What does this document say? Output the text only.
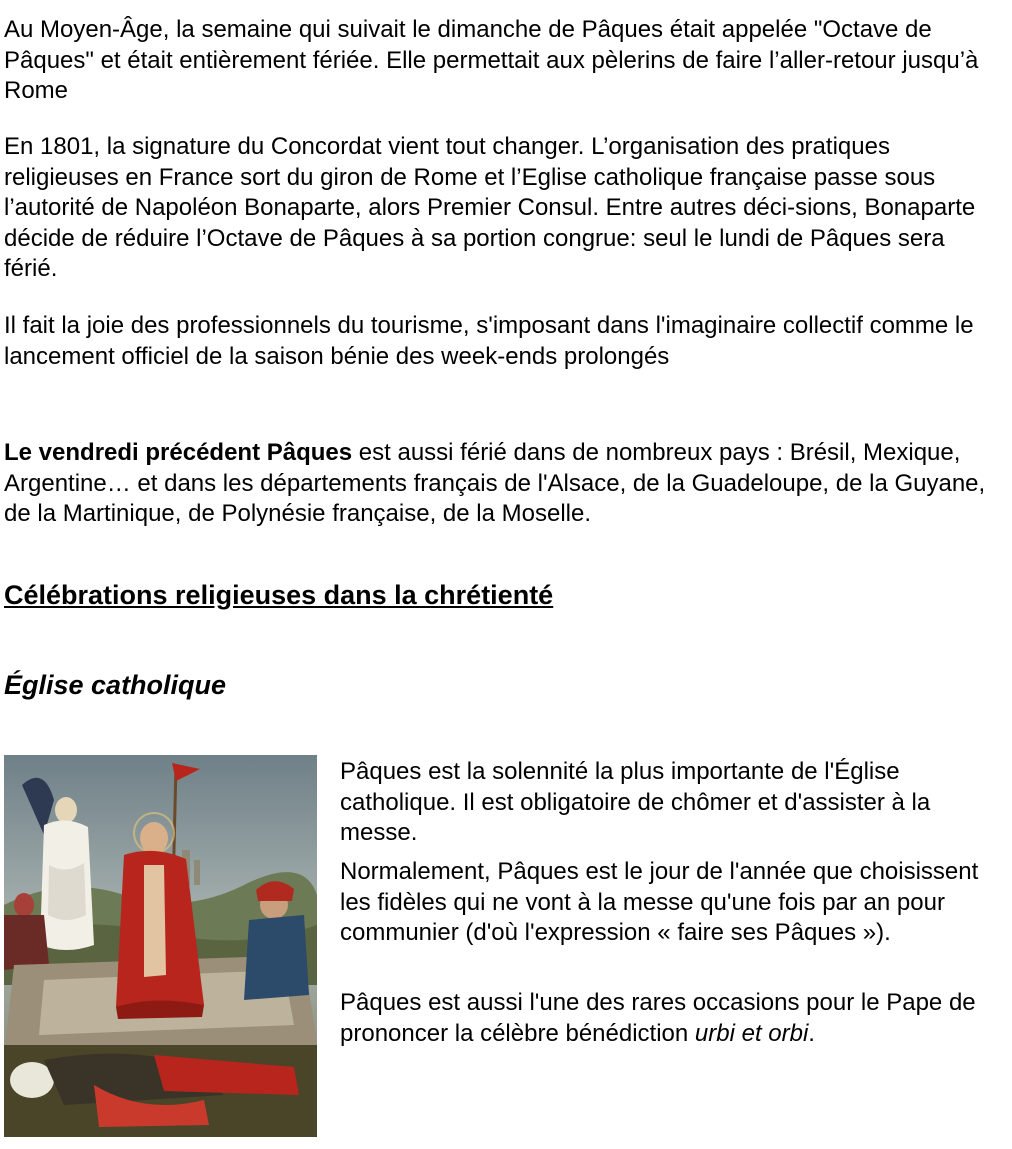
Au Moyen-Âge, la semaine qui suivait le dimanche de Pâques était appelée "Octave de Pâques" et était entièrement fériée. Elle permettait aux pèlerins de faire l’aller-retour jusqu’à Rome

En 1801, la signature du Concordat vient tout changer. L’organisation des pratiques religieuses en France sort du giron de Rome et l’Eglise catholique française passe sous l’autorité de Napoléon Bonaparte, alors Premier Consul. Entre autres déci-sions, Bonaparte décide de réduire l’Octave de Pâques à sa portion congrue: seul le lundi de Pâques sera férié.

Il fait la joie des professionnels du tourisme, s'imposant dans l'imaginaire collectif comme le lancement officiel de la saison bénie des week-ends prolongés

Le vendredi précédent Pâques est aussi férié dans de nombreux pays : Brésil, Mexique, Argentine… et dans les départements français de l'Alsace, de la Guadeloupe, de la Guyane, de la Martinique, de Polynésie française, de la Moselle.

Célébrations religieuses dans la chrétienté
Église catholique

Pâques est la solennité la plus importante de l'Église catholique. Il est obligatoire de chômer et d'assister à la messe.

Normalement, Pâques est le jour de l'année que choisissent les fidèles qui ne vont à la messe qu'une fois par an pour communier (d'où l'expression « faire ses Pâques »).

Pâques est aussi l'une des rares occasions pour le Pape de prononcer la célèbre bénédiction urbi et orbi.
